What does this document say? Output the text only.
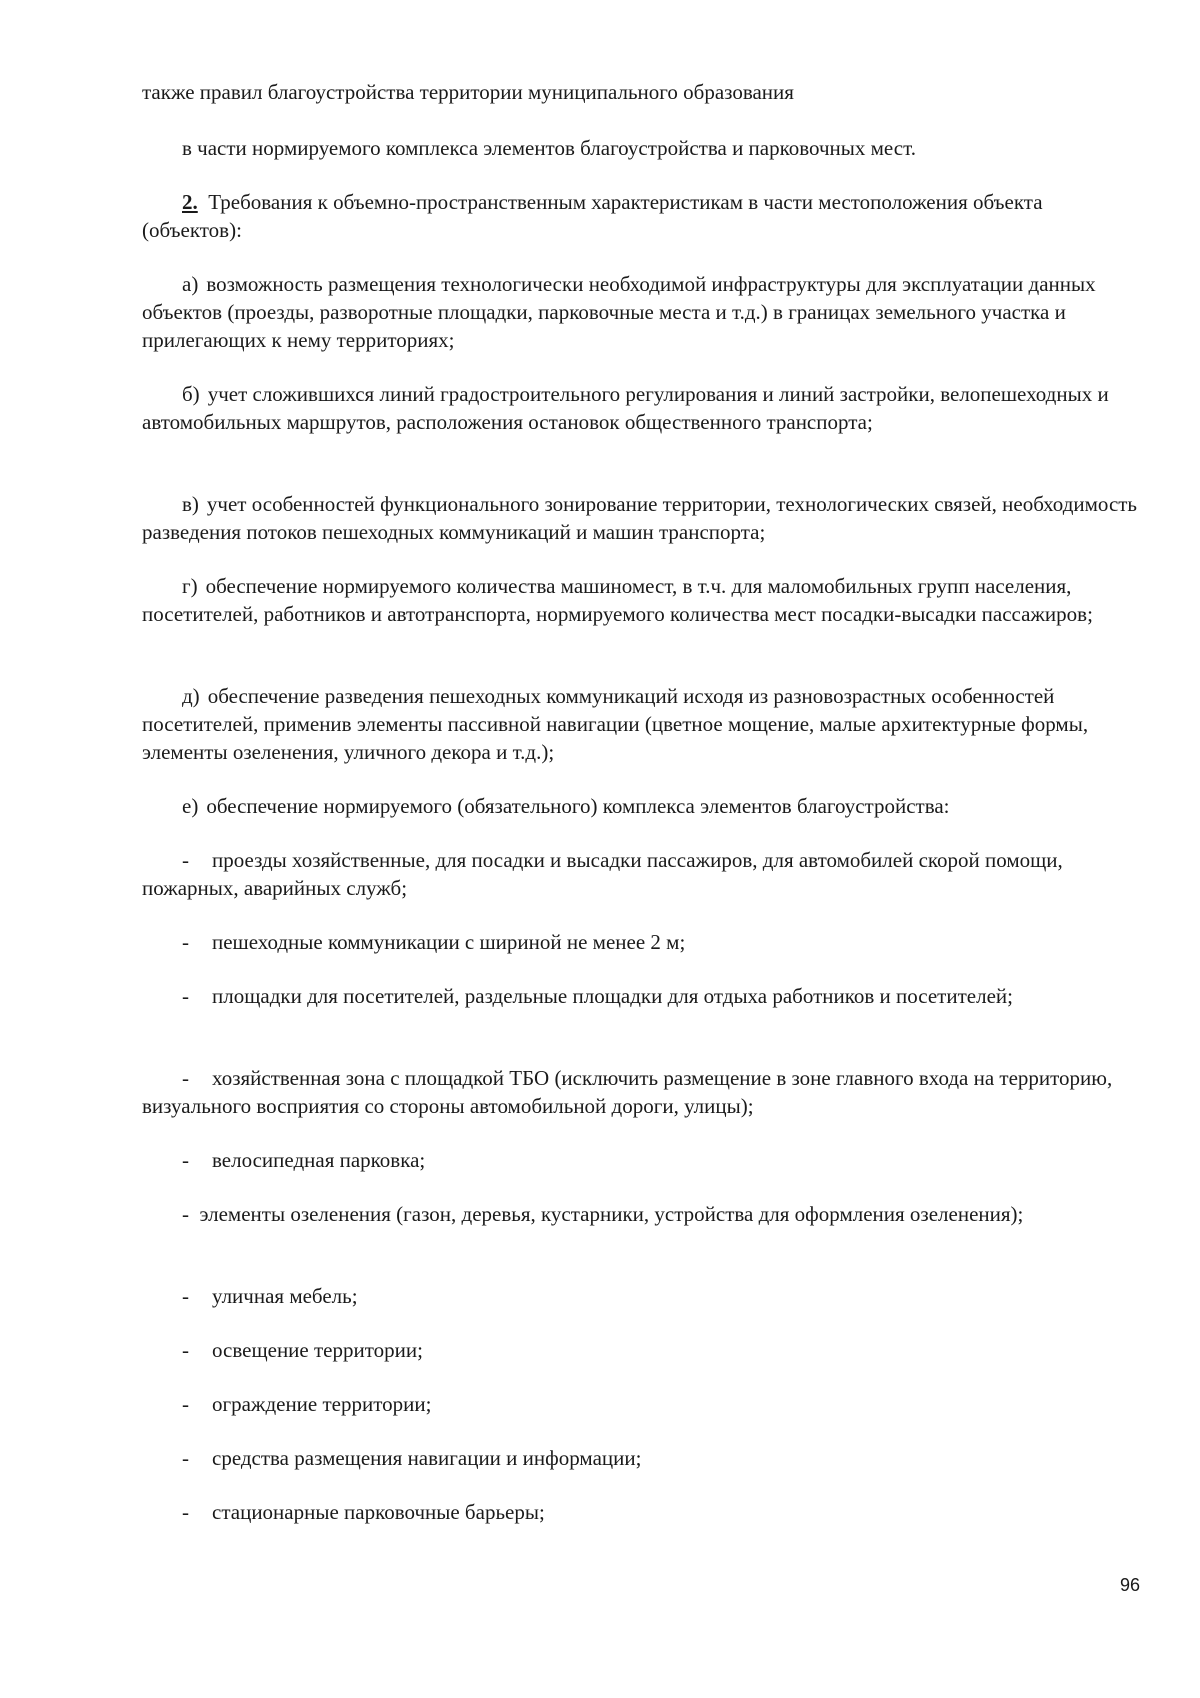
также правил благоустройства территории муниципального образования

в части нормируемого комплекса элементов благоустройства и парковочных мест.

2. Требования к объемно-пространственным характеристикам в части местоположения объекта (объектов):

а) возможность размещения технологически необходимой инфраструктуры для эксплуатации данных объектов (проезды, разворотные площадки, парковочные места и т.д.) в границах земельного участка и прилегающих к нему территориях;

б) учет сложившихся линий градостроительного регулирования и линий застройки, велопешеходных и автомобильных маршрутов, расположения остановок общественного транспорта;

в) учет особенностей функционального зонирование территории, технологических связей, необходимость разведения потоков пешеходных коммуникаций и машин транспорта;

г) обеспечение нормируемого количества машиномест, в т.ч. для маломобильных групп населения, посетителей, работников и автотранспорта, нормируемого количества мест посадки-высадки пассажиров;

д) обеспечение разведения пешеходных коммуникаций исходя из разновозрастных особенностей посетителей, применив элементы пассивной навигации (цветное мощение, малые архитектурные формы, элементы озеленения, уличного декора и т.д.);

е) обеспечение нормируемого (обязательного) комплекса элементов благоустройства:

- проезды хозяйственные, для посадки и высадки пассажиров, для автомобилей скорой помощи, пожарных, аварийных служб;

- пешеходные коммуникации с шириной не менее 2 м;

- площадки для посетителей, раздельные площадки для отдыха работников и посетителей;

- хозяйственная зона с площадкой ТБО (исключить размещение в зоне главного входа на территорию, визуального восприятия со стороны автомобильной дороги, улицы);

- велосипедная парковка;

- элементы озеленения (газон, деревья, кустарники, устройства для оформления озеленения);

- уличная мебель;

- освещение территории;

- ограждение территории;

- средства размещения навигации и информации;

- стационарные парковочные барьеры;

96
